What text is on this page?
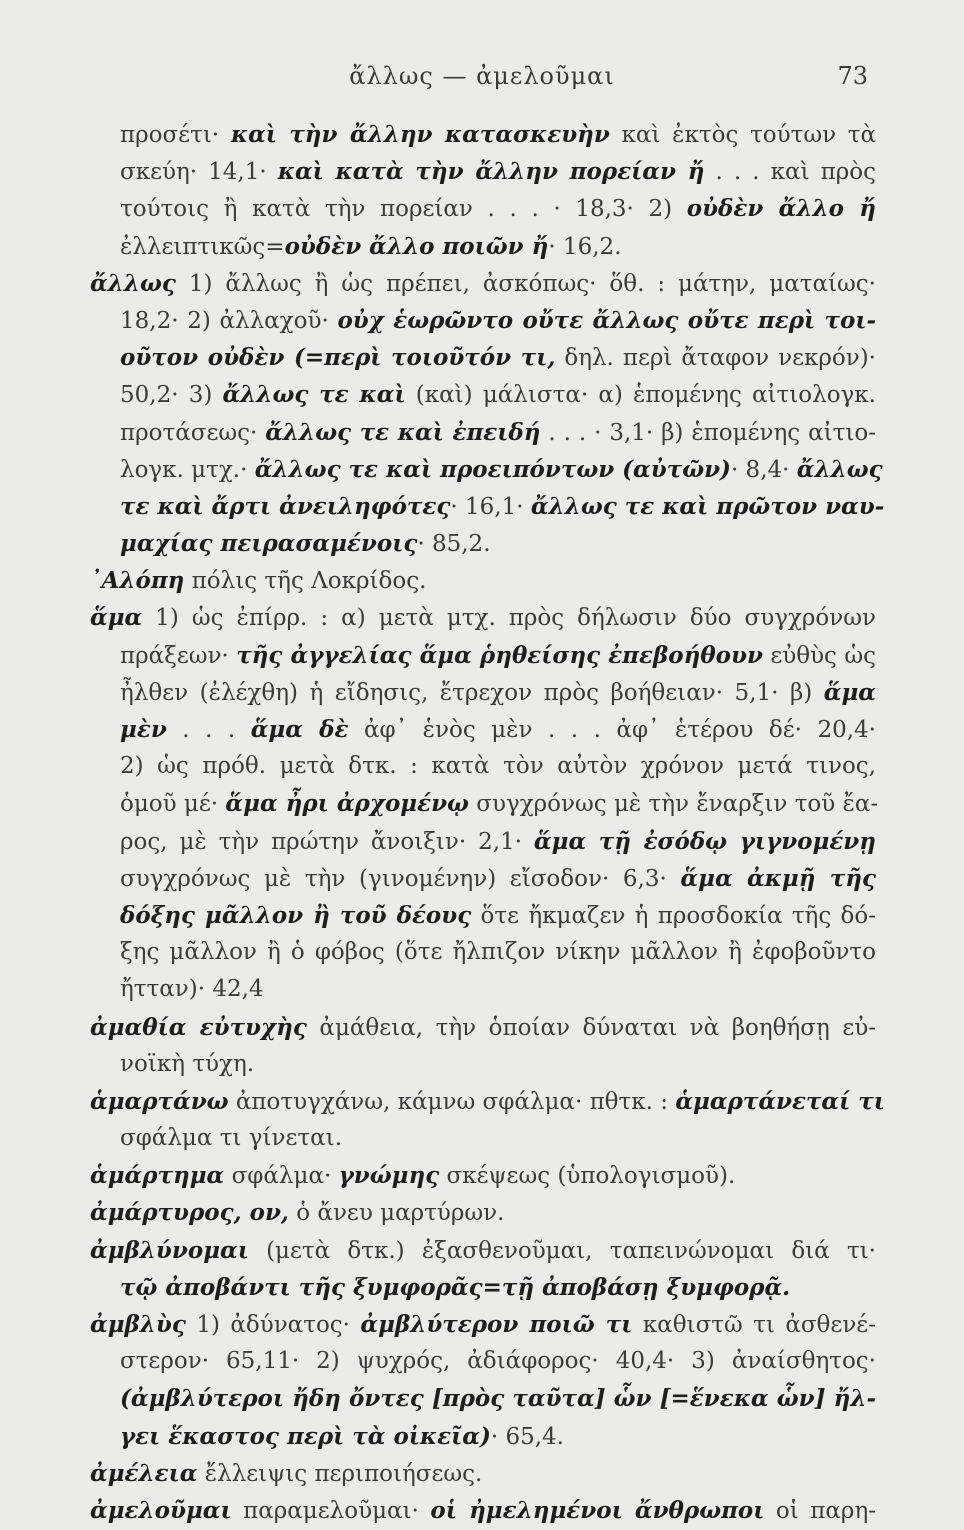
ἄλλως — ἀμελοῦμαι	73
προσέτι· καὶ τὴν ἄλλην κατασκευὴν καὶ ἐκτὸς τούτων τὰ
σκεύη· 14,1· καὶ κατὰ τὴν ἄλλην πορείαν ἤ . . . καὶ πρὸς
τούτοις ἢ κατὰ τὴν πορείαν . . . · 18,3· 2) οὐδὲν ἄλλο ἤ
ἐλλειπτικῶς=οὐδὲν ἄλλο ποιῶν ἤ· 16,2.
ἄλλως 1) ἄλλως ἢ ὡς πρέπει, ἀσκόπως· ὅθ. : μάτην, ματαίως·
18,2· 2) ἀλλαχοῦ· οὐχ ἑωρῶντο οὔτε ἄλλως οὔτε περὶ τοι-
οῦτον οὐδὲν (=περὶ τοιοῦτόν τι, δηλ. περὶ ἄταφον νεκρόν)·
50,2· 3) ἄλλως τε καὶ (καὶ) μάλιστα· α) ἑπομένης αἰτιολογκ.
προτάσεως· ἄλλως τε καὶ ἐπειδή . . . · 3,1· β) ἑπομένης αἰτιο-
λογκ. μτχ.· ἄλλως τε καὶ προειπόντων (αὐτῶν)· 8,4· ἄλλως
τε καὶ ἄρτι ἀνειληφότες· 16,1· ἄλλως τε καὶ πρῶτον ναυ-
μαχίας πειρασαμένοις· 85,2.
᾿Αλόπη πόλις τῆς Λοκρίδος.
ἅμα 1) ὡς ἐπίρρ. : α) μετὰ μτχ. πρὸς δήλωσιν δύο συγχρόνων
πράξεων· τῆς ἀγγελίας ἅμα ῥηθείσης ἐπεβοήθουν εὐθὺς ὡς
ἦλθεν (ἐλέχθη) ἡ εἴδησις, ἔτρεχον πρὸς βοήθειαν· 5,1· β) ἅμα
μὲν . . . ἅμα δὲ ἀφ᾿ ἑνὸς μὲν . . . ἀφ᾿ ἑτέρου δέ· 20,4·
2) ὡς πρόθ. μετὰ δτκ. : κατὰ τὸν αὐτὸν χρόνον μετά τινος,
ὁμοῦ μέ· ἅμα ἦρι ἀρχομένῳ συγχρόνως μὲ τὴν ἔναρξιν τοῦ ἔα-
ρος, μὲ τὴν πρώτην ἄνοιξιν· 2,1· ἅμα τῇ ἐσόδῳ γιγνομένῃ
συγχρόνως μὲ τὴν (γινομένην) εἴσοδον· 6,3· ἅμα ἀκμῇ τῆς
δόξης μᾶλλον ἢ τοῦ δέους ὅτε ἤκμαζεν ἡ προσδοκία τῆς δό-
ξης μᾶλλον ἢ ὁ φόβος (ὅτε ἤλπιζον νίκην μᾶλλον ἢ ἐφοβοῦντο
ἤτταν)· 42,4
ἀμαθία εὐτυχὴς ἀμάθεια, τὴν ὁποίαν δύναται νὰ βοηθήσῃ εὐ-
νοϊκὴ τύχη.
ἁμαρτάνω ἀποτυγχάνω, κάμνω σφάλμα· πθτκ. : ἁμαρτάνεταί τι
σφάλμα τι γίνεται.
ἁμάρτημα σφάλμα· γνώμης σκέψεως (ὑπολογισμοῦ).
ἀμάρτυρος, ον, ὁ ἄνευ μαρτύρων.
ἀμβλύνομαι (μετὰ δτκ.) ἐξασθενοῦμαι, ταπεινώνομαι διά τι·
τῷ ἀποβάντι τῆς ξυμφορᾶς=τῇ ἀποβάσῃ ξυμφορᾷ.
ἀμβλὺς 1) ἀδύνατος· ἀμβλύτερον ποιῶ τι καθιστῶ τι ἀσθενέ-
στερον· 65,11· 2) ψυχρός, ἀδιάφορος· 40,4· 3) ἀναίσθητος·
(ἀμβλύτεροι ἤδη ὄντες [πρὸς ταῦτα] ὧν [=ἕνεκα ὧν] ἤλ-
γει ἕκαστος περὶ τὰ οἰκεῖα)· 65,4.
ἀμέλεια ἔλλειψις περιποιήσεως.
ἀμελοῦμαι παραμελοῦμαι· οἱ ἠμελημένοι ἄνθρωποι οἱ παρη-
